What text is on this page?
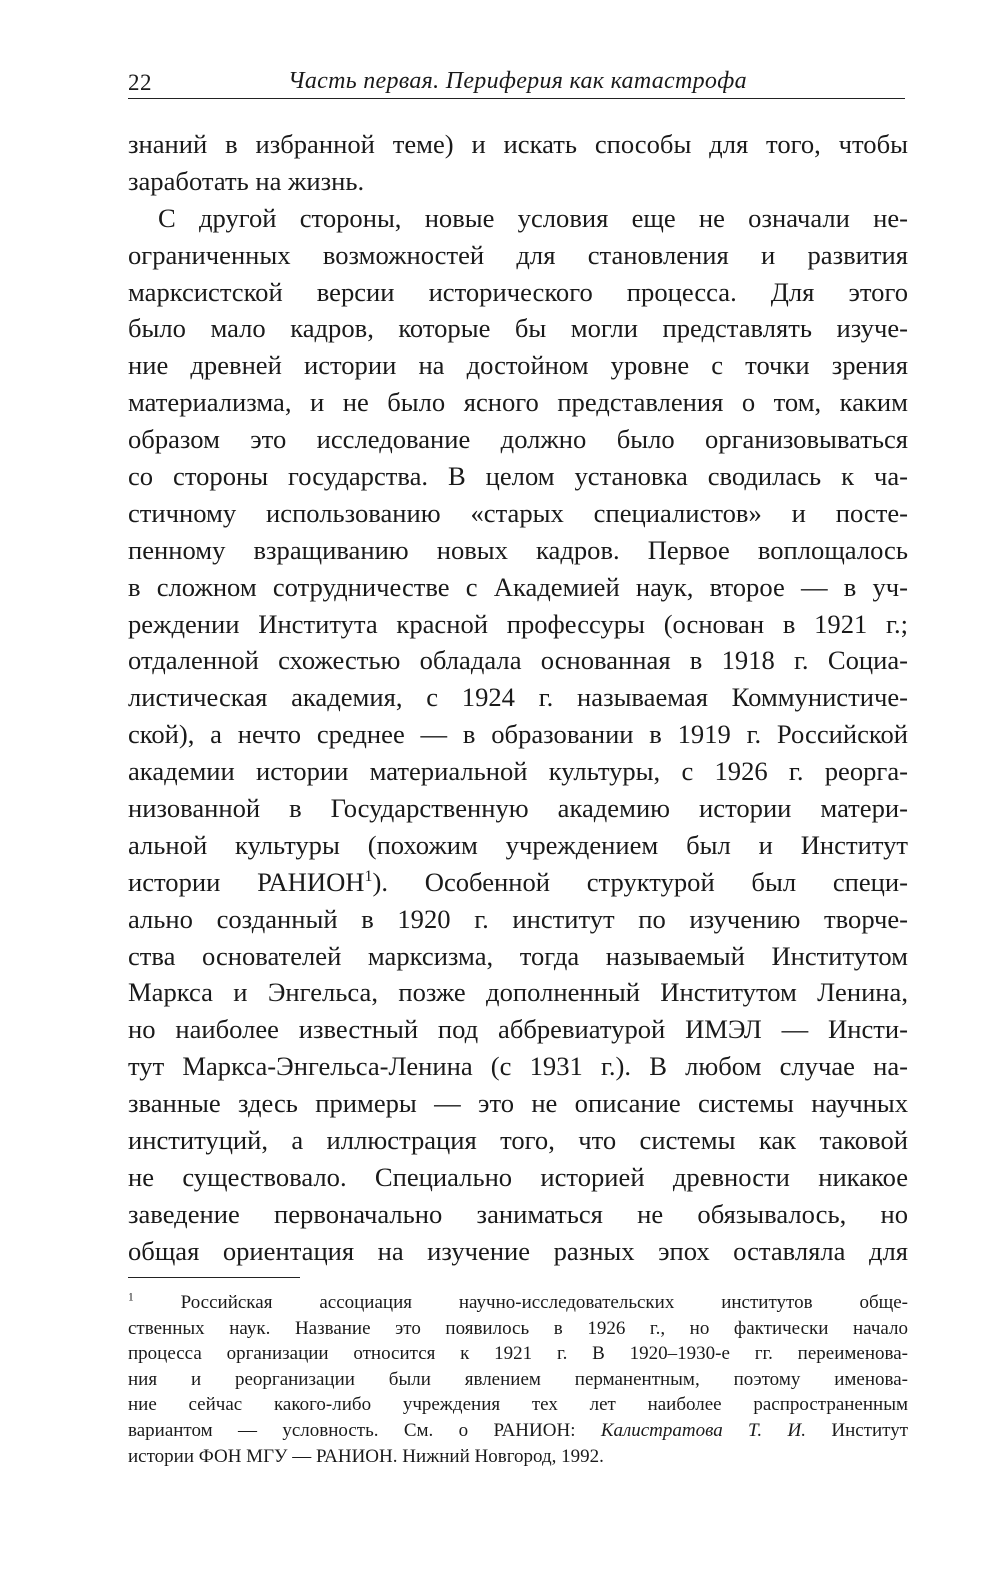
22	Часть первая. Периферия как катастрофа
знаний в избранной теме) и искать способы для того, чтобы
заработать на жизнь.
С другой стороны, новые условия еще не означали не-
ограниченных возможностей для становления и развития
марксистской версии исторического процесса. Для этого
было мало кадров, которые бы могли представлять изуче-
ние древней истории на достойном уровне с точки зрения
материализма, и не было ясного представления о том, каким
образом это исследование должно было организовываться
со стороны государства. В целом установка сводилась к ча-
стичному использованию «старых специалистов» и посте-
пенному взращиванию новых кадров. Первое воплощалось
в сложном сотрудничестве с Академией наук, второе — в уч-
реждении Института красной профессуры (основан в 1921 г.;
отдаленной схожестью обладала основанная в 1918 г. Социа-
листическая академия, с 1924 г. называемая Коммунистиче-
ской), а нечто среднее — в образовании в 1919 г. Российской
академии истории материальной культуры, с 1926 г. реорга-
низованной в Государственную академию истории матери-
альной культуры (похожим учреждением был и Институт
истории РАНИОН$^1$). Особенной структурой был специ-
ально созданный в 1920 г. институт по изучению творче-
ства основателей марксизма, тогда называемый Институтом
Маркса и Энгельса, позже дополненный Институтом Ленина,
но наиболее известный под аббревиатурой ИМЭЛ — Инсти-
тут Маркса-Энгельса-Ленина (с 1931 г.). В любом случае на-
званные здесь примеры — это не описание системы научных
институций, а иллюстрация того, что системы как таковой
не существовало. Специально историей древности никакое
заведение первоначально заниматься не обязывалось, но
общая ориентация на изучение разных эпох оставляла для
$^1$ Российская ассоциация научно-исследовательских институтов обще-
ственных наук. Название это появилось в 1926 г., но фактически начало
процесса организации относится к 1921 г. В 1920–1930-е гг. переименова-
ния и реорганизации были явлением перманентным, поэтому именова-
ние сейчас какого-либо учреждения тех лет наиболее распространенным
вариантом — условность. См. о РАНИОН: Калистратова Т. И. Институт
истории ФОН МГУ — РАНИОН. Нижний Новгород, 1992.
